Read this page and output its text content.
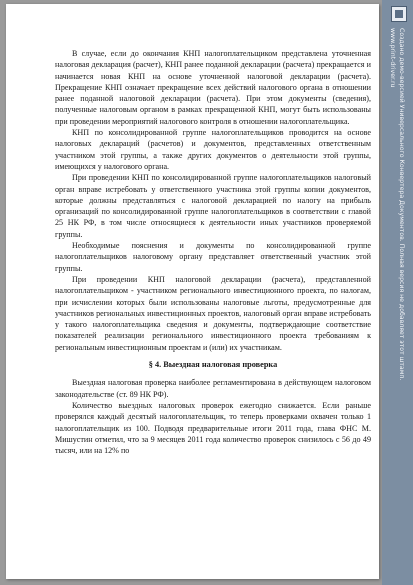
В случае, если до окончания КНП налогоплательщиком представлена уточненная налоговая декларация (расчет), КНП ранее поданной декларации (расчета) прекращается и начинается новая КНП на основе уточненной налоговой декларации (расчета). Прекращение КНП означает прекращение всех действий налогового органа в отношении ранее поданной налоговой декларации (расчета). При этом документы (сведения), полученные налоговым органом в рамках прекращенной КНП, могут быть использованы при проведении мероприятий налогового контроля в отношении налогоплательщика.

КНП по консолидированной группе налогоплательщиков проводится на основе налоговых деклараций (расчетов) и документов, представленных ответственным участником этой группы, а также других документов о деятельности этой группы, имеющихся у налогового органа.

При проведении КНП по консолидированной группе налогоплательщиков налоговый орган вправе истребовать у ответственного участника этой группы копии документов, которые должны представляться с налоговой декларацией по налогу на прибыль организаций по консолидированной группе налогоплательщиков в соответствии с главой 25 НК РФ, в том числе относящиеся к деятельности иных участников проверяемой группы.

Необходимые пояснения и документы по консолидированной группе налогоплательщиков налоговому органу представляет ответственный участник этой группы.

При проведении КНП налоговой декларации (расчета), представленной налогоплательщиком - участником регионального инвестиционного проекта, по налогам, при исчислении которых были использованы налоговые льготы, предусмотренные для участников региональных инвестиционных проектов, налоговый орган вправе истребовать у такого налогоплательщика сведения и документы, подтверждающие соответствие показателей реализации регионального инвестиционного проекта требованиям к региональным инвестиционным проектам и (или) их участникам.

§ 4. Выездная налоговая проверка

Выездная налоговая проверка наиболее регламентирована в действующем налоговом законодательстве (ст. 89 НК РФ).

Количество выездных налоговых проверок ежегодно снижается. Если раньше проверялся каждый десятый налогоплательщик, то теперь проверками охвачен только 1 налогоплательщик из 100. Подводя предварительные итоги 2011 года, глава ФНС М. Мишустин отметил, что за 9 месяцев 2011 года количество проверок снизилось с 56 до 49 тысяч, или на 12% по

Создано демо-версией Универсального Конвертера Документов. Полная версия не добавляет этот штамп.
www.print-driver.ru
